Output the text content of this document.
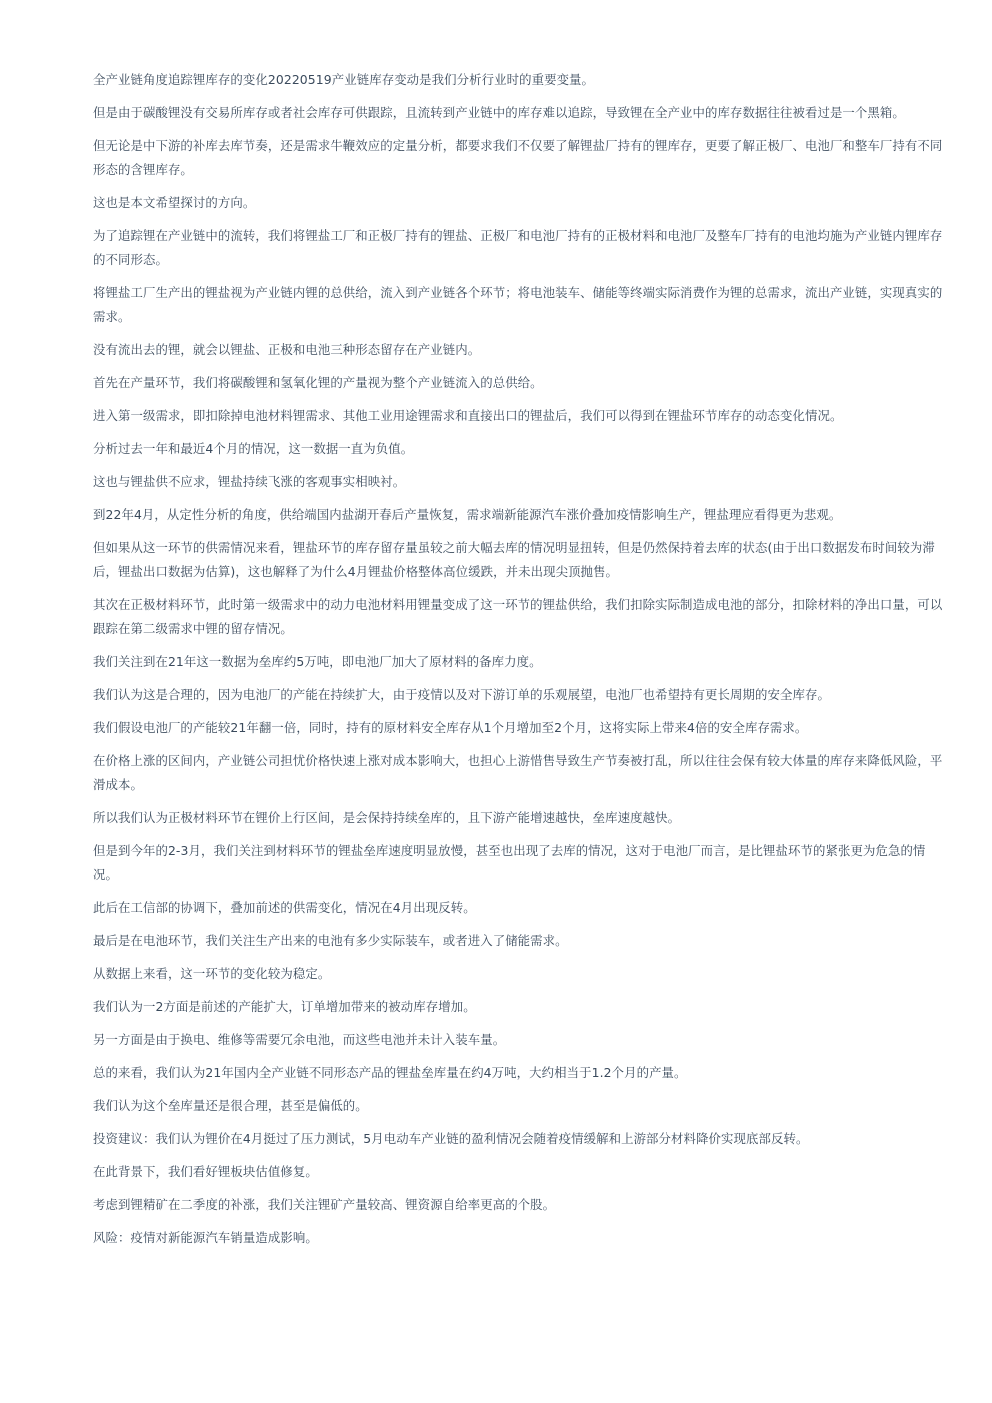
全产业链角度追踪锂库存的变化20220519产业链库存变动是我们分析行业时的重要变量。

但是由于碳酸锂没有交易所库存或者社会库存可供跟踪，且流转到产业链中的库存难以追踪，导致锂在全产业中的库存数据往往被看过是一个黑箱。

但无论是中下游的补库去库节奏，还是需求牛鞭效应的定量分析，都要求我们不仅要了解锂盐厂持有的锂库存，更要了解正极厂、电池厂和整车厂持有不同形态的含锂库存。

这也是本文希望探讨的方向。

为了追踪锂在产业链中的流转，我们将锂盐工厂和正极厂持有的锂盐、正极厂和电池厂持有的正极材料和电池厂及整车厂持有的电池均施为产业链内锂库存的不同形态。

将锂盐工厂生产出的锂盐视为产业链内锂的总供给，流入到产业链各个环节；将电池装车、储能等终端实际消费作为锂的总需求，流出产业链，实现真实的需求。

没有流出去的锂，就会以锂盐、正极和电池三种形态留存在产业链内。

首先在产量环节，我们将碳酸锂和氢氧化锂的产量视为整个产业链流入的总供给。

进入第一级需求，即扣除掉电池材料锂需求、其他工业用途锂需求和直接出口的锂盐后，我们可以得到在锂盐环节库存的动态变化情况。

分析过去一年和最近4个月的情况，这一数据一直为负值。

这也与锂盐供不应求，锂盐持续飞涨的客观事实相映衬。

到22年4月，从定性分析的角度，供给端国内盐湖开春后产量恢复，需求端新能源汽车涨价叠加疫情影响生产，锂盐理应看得更为悲观。

但如果从这一环节的供需情况来看，锂盐环节的库存留存量虽较之前大幅去库的情况明显扭转，但是仍然保持着去库的状态(由于出口数据发布时间较为滞后，锂盐出口数据为估算)，这也解释了为什么4月锂盐价格整体高位缓跌，并未出现尖顶抛售。

其次在正极材料环节，此时第一级需求中的动力电池材料用锂量变成了这一环节的锂盐供给，我们扣除实际制造成电池的部分，扣除材料的净出口量，可以跟踪在第二级需求中锂的留存情况。

我们关注到在21年这一数据为垒库约5万吨，即电池厂加大了原材料的备库力度。

我们认为这是合理的，因为电池厂的产能在持续扩大，由于疫情以及对下游订单的乐观展望，电池厂也希望持有更长周期的安全库存。

我们假设电池厂的产能较21年翻一倍，同时，持有的原材料安全库存从1个月增加至2个月，这将实际上带来4倍的安全库存需求。

在价格上涨的区间内，产业链公司担忧价格快速上涨对成本影响大，也担心上游惜售导致生产节奏被打乱，所以往往会保有较大体量的库存来降低风险，平滑成本。

所以我们认为正极材料环节在锂价上行区间，是会保持持续垒库的，且下游产能增速越快，垒库速度越快。

但是到今年的2-3月，我们关注到材料环节的锂盐垒库速度明显放慢，甚至也出现了去库的情况，这对于电池厂而言，是比锂盐环节的紧张更为危急的情况。

此后在工信部的协调下，叠加前述的供需变化，情况在4月出现反转。

最后是在电池环节，我们关注生产出来的电池有多少实际装车，或者进入了储能需求。

从数据上来看，这一环节的变化较为稳定。

我们认为一2方面是前述的产能扩大，订单增加带来的被动库存增加。

另一方面是由于换电、维修等需要冗余电池，而这些电池并未计入装车量。

总的来看，我们认为21年国内全产业链不同形态产品的锂盐垒库量在约4万吨，大约相当于1.2个月的产量。

我们认为这个垒库量还是很合理，甚至是偏低的。

投资建议：我们认为锂价在4月挺过了压力测试，5月电动车产业链的盈利情况会随着疫情缓解和上游部分材料降价实现底部反转。

在此背景下，我们看好锂板块估值修复。

考虑到锂精矿在二季度的补涨，我们关注锂矿产量较高、锂资源自给率更高的个股。

风险：疫情对新能源汽车销量造成影响。
